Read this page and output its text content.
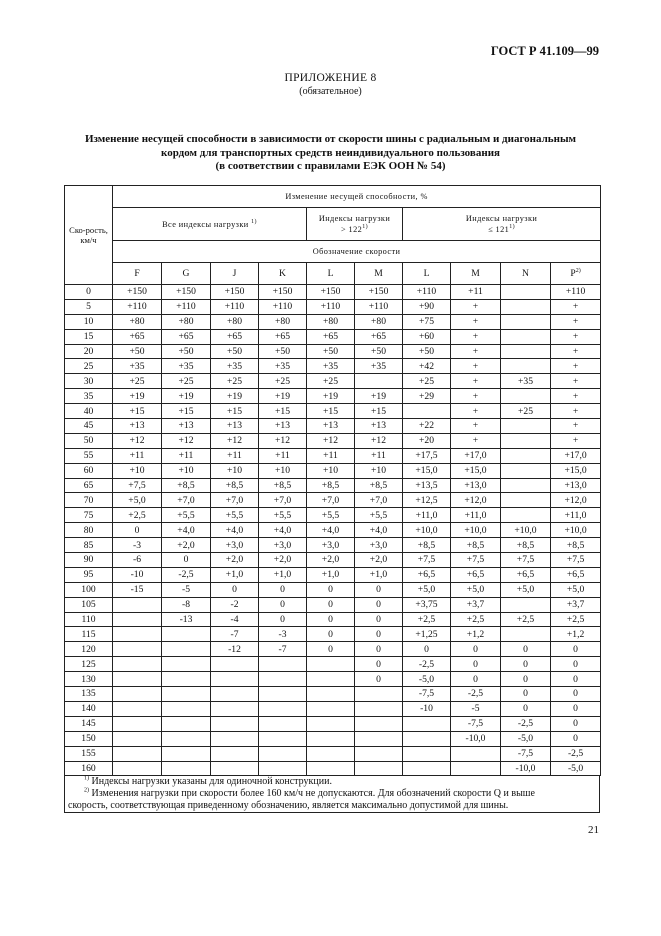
ГОСТ Р 41.109—99
ПРИЛОЖЕНИЕ 8
(обязательное)
Изменение несущей способности в зависимости от скорости шины с радиальным и диагональным
кордом для транспортных средств неиндивидуального пользования
(в соответствии с правилами ЕЭК ООН № 54)
Ско-рость, км/ч	Изменение несущей способности, %									
	Все индексы нагрузки $^{1)}$				Индексы нагрузки
> $122^{1)}$		Индексы нагрузки
≤ $121^{1)}$
	Обозначение скорости									
	F	G	J	K	L	M	L	M	N	$P^{2)}$
0	+150	+150	+150	+150	+150	+150	+110	+11		+110
5	+110	+110	+110	+110	+110	+110	+90	+		+
10	+80	+80	+80	+80	+80	+80	+75	+		+
15	+65	+65	+65	+65	+65	+65	+60	+		+
20	+50	+50	+50	+50	+50	+50	+50	+		+
25	+35	+35	+35	+35	+35	+35	+42	+		+
30	+25	+25	+25	+25	+25		+25	+	+35	+
35	+19	+19	+19	+19	+19	+19	+29	+		+
40	+15	+15	+15	+15	+15	+15		+	+25	+
45	+13	+13	+13	+13	+13	+13	+22	+		+
50	+12	+12	+12	+12	+12	+12	+20	+		+
55	+11	+11	+11	+11	+11	+11	+17,5	+17,0		+17,0
60	+10	+10	+10	+10	+10	+10	+15,0	+15,0		+15,0
65	+7,5	+8,5	+8,5	+8,5	+8,5	+8,5	+13,5	+13,0		+13,0
70	+5,0	+7,0	+7,0	+7,0	+7,0	+7,0	+12,5	+12,0		+12,0
75	+2,5	+5,5	+5,5	+5,5	+5,5	+5,5	+11,0	+11,0		+11,0
80	0	+4,0	+4,0	+4,0	+4,0	+4,0	+10,0	+10,0	+10,0	+10,0
85	-3	+2,0	+3,0	+3,0	+3,0	+3,0	+8,5	+8,5	+8,5	+8,5
90	-6	0	+2,0	+2,0	+2,0	+2,0	+7,5	+7,5	+7,5	+7,5
95	-10	-2,5	+1,0	+1,0	+1,0	+1,0	+6,5	+6,5	+6,5	+6,5
100	-15	-5	0	0	0	0	+5,0	+5,0	+5,0	+5,0
105		-8	-2	0	0	0	+3,75	+3,7		+3,7
110		-13	-4	0	0	0	+2,5	+2,5	+2,5	+2,5
115			-7	-3	0	0	+1,25	+1,2		+1,2
120			-12	-7	0	0	0	0	0	0
125						0	-2,5	0	0	0
130						0	-5,0	0	0	0
135							-7,5	-2,5	0	0
140							-10	-5	0	0
145								-7,5	-2,5	0
150								-10,0	-5,0	0
155									-7,5	-2,5
160									-10,0	-5,0
$^{1)}$ Индексы нагрузки указаны для одиночной конструкции.
$^{2)}$ Изменения нагрузки при скорости более 160 км/ч не допускаются. Для обозначений скорости Q и выше
скорость, соответствующая приведенному обозначению, является максимально допустимой для шины.
21
